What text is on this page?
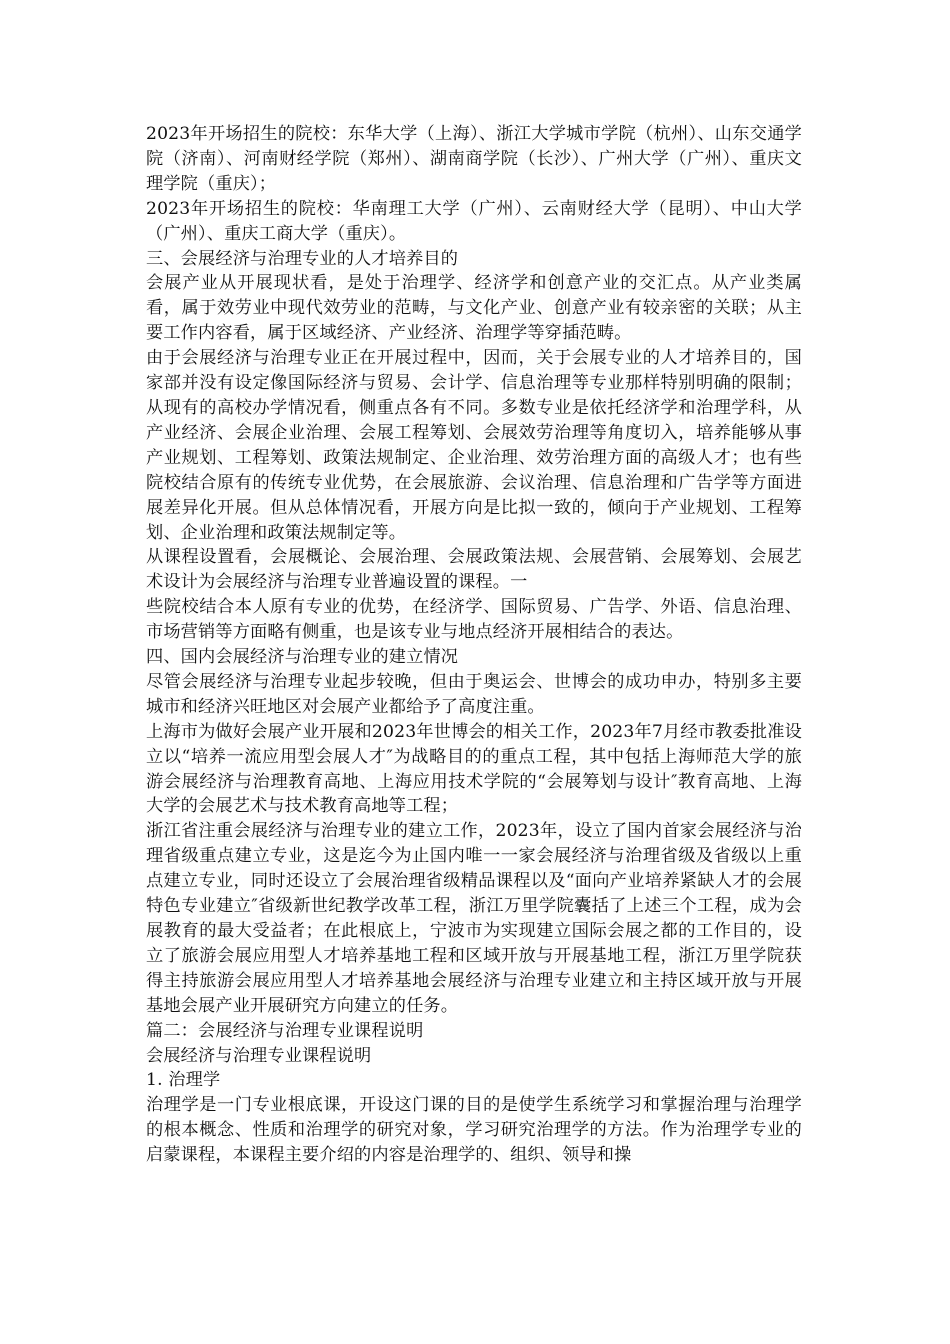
2023年开场招生的院校：东华大学（上海）、浙江大学城市学院（杭州）、山东交通学院（济南）、河南财经学院（郑州）、湖南商学院（长沙）、广州大学（广州）、重庆文理学院（重庆）；

2023年开场招生的院校：华南理工大学（广州）、云南财经大学（昆明）、中山大学（广州）、重庆工商大学（重庆）。

三、会展经济与治理专业的人才培养目的

会展产业从开展现状看，是处于治理学、经济学和创意产业的交汇点。从产业类属看，属于效劳业中现代效劳业的范畴，与文化产业、创意产业有较亲密的关联；从主要工作内容看，属于区域经济、产业经济、治理学等穿插范畴。

由于会展经济与治理专业正在开展过程中，因而，关于会展专业的人才培养目的，国家部并没有设定像国际经济与贸易、会计学、信息治理等专业那样特别明确的限制；从现有的高校办学情况看，侧重点各有不同。多数专业是依托经济学和治理学科，从产业经济、会展企业治理、会展工程筹划、会展效劳治理等角度切入，培养能够从事产业规划、工程筹划、政策法规制定、企业治理、效劳治理方面的高级人才；也有些院校结合原有的传统专业优势，在会展旅游、会议治理、信息治理和广告学等方面进展差异化开展。但从总体情况看，开展方向是比拟一致的，倾向于产业规划、工程筹划、企业治理和政策法规制定等。

从课程设置看，会展概论、会展治理、会展政策法规、会展营销、会展筹划、会展艺术设计为会展经济与治理专业普遍设置的课程。一

些院校结合本人原有专业的优势，在经济学、国际贸易、广告学、外语、信息治理、市场营销等方面略有侧重，也是该专业与地点经济开展相结合的表达。

四、国内会展经济与治理专业的建立情况

尽管会展经济与治理专业起步较晚，但由于奥运会、世博会的成功申办，特别多主要城市和经济兴旺地区对会展产业都给予了高度注重。

上海市为做好会展产业开展和2023年世博会的相关工作，2023年7月经市教委批准设立以“培养一流应用型会展人才″为战略目的的重点工程，其中包括上海师范大学的旅游会展经济与治理教育高地、上海应用技术学院的“会展筹划与设计″教育高地、上海大学的会展艺术与技术教育高地等工程；

浙江省注重会展经济与治理专业的建立工作，2023年，设立了国内首家会展经济与治理省级重点建立专业，这是迄今为止国内唯一一家会展经济与治理省级及省级以上重点建立专业，同时还设立了会展治理省级精品课程以及“面向产业培养紧缺人才的会展特色专业建立″省级新世纪教学改革工程，浙江万里学院囊括了上述三个工程，成为会展教育的最大受益者；在此根底上，宁波市为实现建立国际会展之都的工作目的，设立了旅游会展应用型人才培养基地工程和区域开放与开展基地工程，浙江万里学院获得主持旅游会展应用型人才培养基地会展经济与治理专业建立和主持区域开放与开展基地会展产业开展研究方向建立的任务。

篇二：会展经济与治理专业课程说明

会展经济与治理专业课程说明

1. 治理学

治理学是一门专业根底课，开设这门课的目的是使学生系统学习和掌握治理与治理学的根本概念、性质和治理学的研究对象，学习研究治理学的方法。作为治理学专业的启蒙课程，本课程主要介绍的内容是治理学的、组织、领导和操
